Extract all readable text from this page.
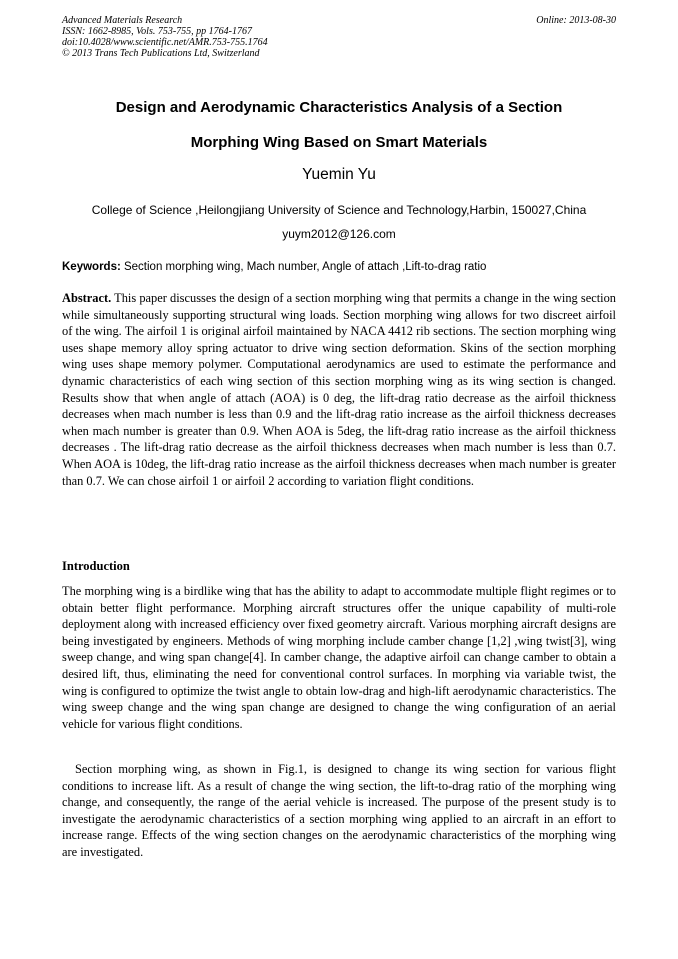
Advanced Materials Research
ISSN: 1662-8985, Vols. 753-755, pp 1764-1767
doi:10.4028/www.scientific.net/AMR.753-755.1764
© 2013 Trans Tech Publications Ltd, Switzerland
Online: 2013-08-30
Design and Aerodynamic Characteristics Analysis of a Section
Morphing Wing Based on Smart Materials
Yuemin Yu
College of Science ,Heilongjiang University of Science and Technology,Harbin, 150027,China
yuym2012@126.com
Keywords: Section morphing wing, Mach number, Angle of attach ,Lift-to-drag ratio
Abstract. This paper discusses the design of a section morphing wing that permits a change in the wing section while simultaneously supporting structural wing loads. Section morphing wing allows for two discreet airfoil of the wing. The airfoil 1 is original airfoil maintained by NACA 4412 rib sections. The section morphing wing uses shape memory alloy spring actuator to drive wing section deformation. Skins of the section morphing wing uses shape memory polymer. Computational aerodynamics are used to estimate the performance and dynamic characteristics of each wing section of this section morphing wing as its wing section is changed. Results show that when angle of attach (AOA) is 0 deg, the lift-drag ratio decrease as the airfoil thickness decreases when mach number is less than 0.9 and the lift-drag ratio increase as the airfoil thickness decreases when mach number is greater than 0.9. When AOA is 5deg, the lift-drag ratio increase as the airfoil thickness decreases . The lift-drag ratio decrease as the airfoil thickness decreases when mach number is less than 0.7. When AOA is 10deg, the lift-drag ratio increase as the airfoil thickness decreases when mach number is greater than 0.7. We can chose airfoil 1 or airfoil 2 according to variation flight conditions.
Introduction

The morphing wing is a birdlike wing that has the ability to adapt to accommodate multiple flight regimes or to obtain better flight performance. Morphing aircraft structures offer the unique capability of multi-role deployment along with increased efficiency over fixed geometry aircraft. Various morphing aircraft designs are being investigated by engineers. Methods of wing morphing include camber change [1,2] ,wing twist[3], wing sweep change, and wing span change[4]. In camber change, the adaptive airfoil can change camber to obtain a desired lift, thus, eliminating the need for conventional control surfaces. In morphing via variable twist, the wing is configured to optimize the twist angle to obtain low-drag and high-lift aerodynamic characteristics. The wing sweep change and the wing span change are designed to change the wing configuration of an aerial vehicle for various flight conditions.

Section morphing wing, as shown in Fig.1, is designed to change its wing section for various flight conditions to increase lift. As a result of change the wing section, the lift-to-drag ratio of the morphing wing change, and consequently, the range of the aerial vehicle is increased. The purpose of the present study is to investigate the aerodynamic characteristics of a section morphing wing applied to an aircraft in an effort to increase range. Effects of the wing section changes on the aerodynamic characteristics of the morphing wing are investigated.
